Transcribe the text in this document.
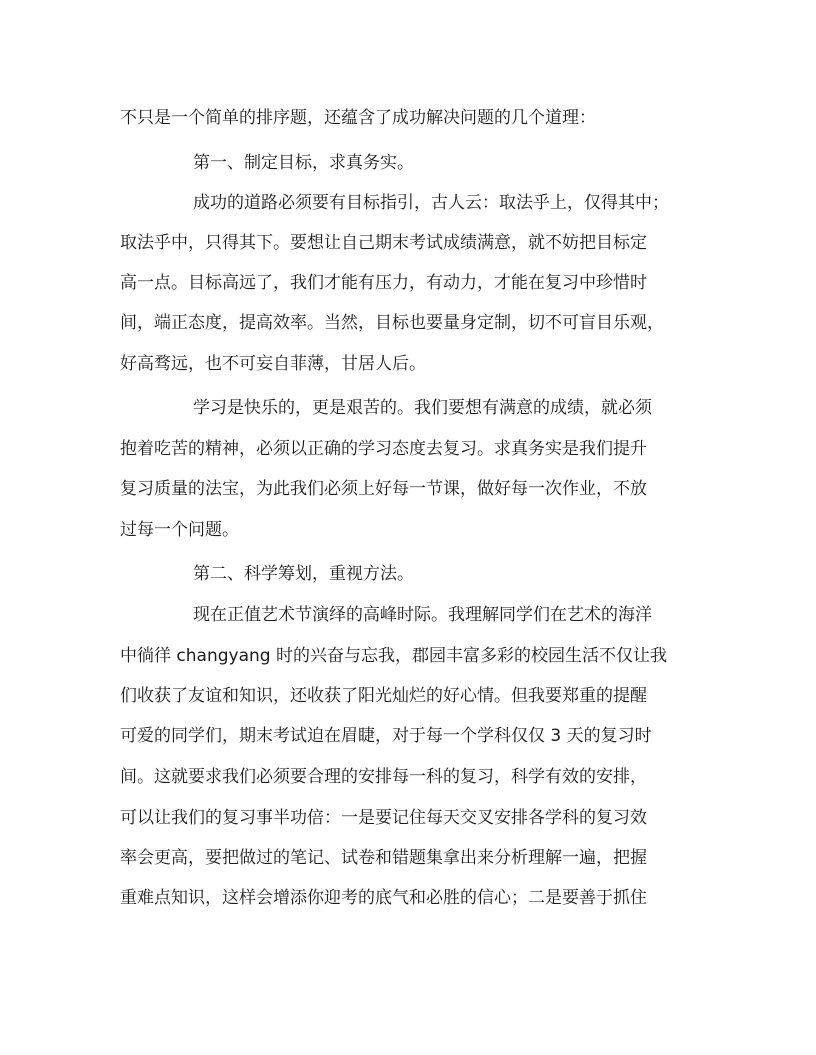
不只是一个简单的排序题，还蕴含了成功解决问题的几个道理：
第一、制定目标，求真务实。
成功的道路必须要有目标指引，古人云：取法乎上，仅得其中；
取法乎中，只得其下。要想让自己期末考试成绩满意，就不妨把目标定
高一点。目标高远了，我们才能有压力，有动力，才能在复习中珍惜时
间，端正态度，提高效率。当然，目标也要量身定制，切不可盲目乐观，
好高骛远，也不可妄自菲薄，甘居人后。
学习是快乐的，更是艰苦的。我们要想有满意的成绩，就必须
抱着吃苦的精神，必须以正确的学习态度去复习。求真务实是我们提升
复习质量的法宝，为此我们必须上好每一节课，做好每一次作业，不放
过每一个问题。
第二、科学筹划，重视方法。
现在正值艺术节演绎的高峰时际。我理解同学们在艺术的海洋
中徜徉 changyang 时的兴奋与忘我，郡园丰富多彩的校园生活不仅让我
们收获了友谊和知识，还收获了阳光灿烂的好心情。但我要郑重的提醒
可爱的同学们，期末考试迫在眉睫，对于每一个学科仅仅 3 天的复习时
间。这就要求我们必须要合理的安排每一科的复习，科学有效的安排，
可以让我们的复习事半功倍：一是要记住每天交叉安排各学科的复习效
率会更高，要把做过的笔记、试卷和错题集拿出来分析理解一遍，把握
重难点知识，这样会增添你迎考的底气和必胜的信心；二是要善于抓住
